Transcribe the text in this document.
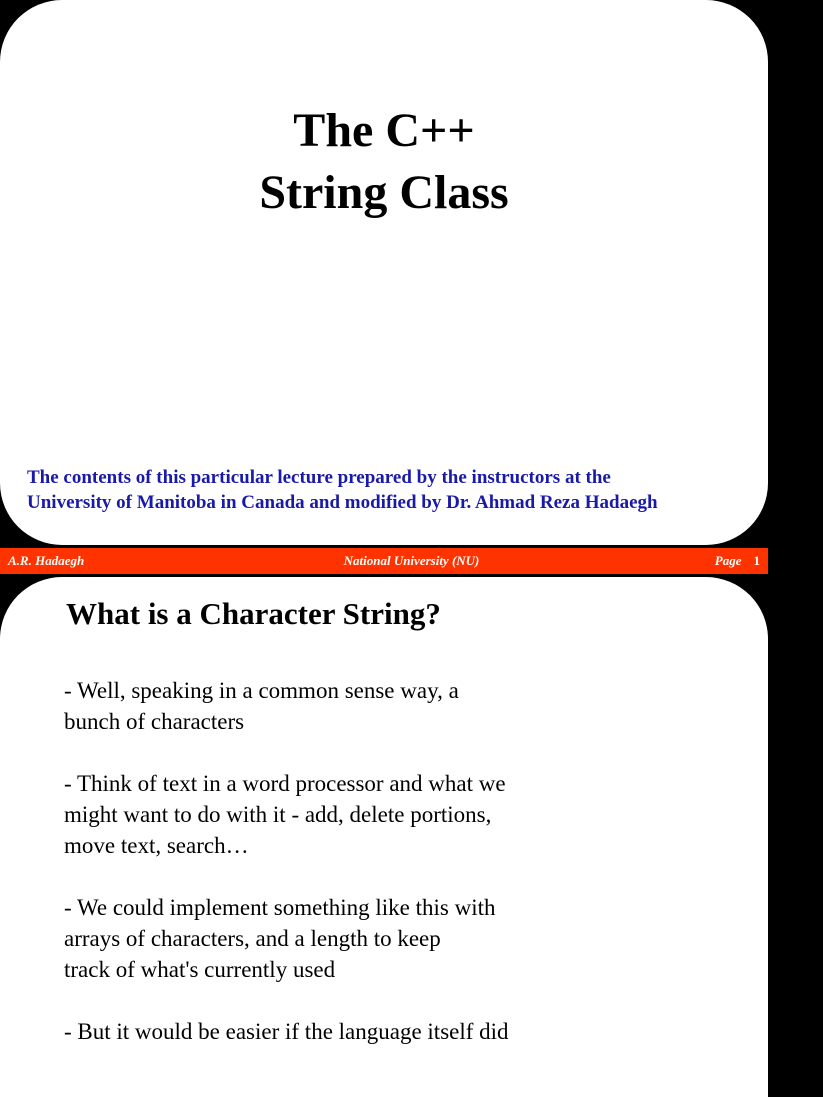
The C++
String Class
The contents of this particular lecture prepared by the instructors at the
University of Manitoba in Canada and modified by Dr. Ahmad Reza Hadaegh
A.R. Hadaegh	National University (NU)	Page 1
What is a Character String?
- Well, speaking in a common sense way, a
bunch of characters
- Think of text in a word processor and what we
might want to do with it - add, delete portions,
move text, search…
- We could implement something like this with
arrays of characters, and a length to keep
track of what's currently used
- But it would be easier if the language itself did
